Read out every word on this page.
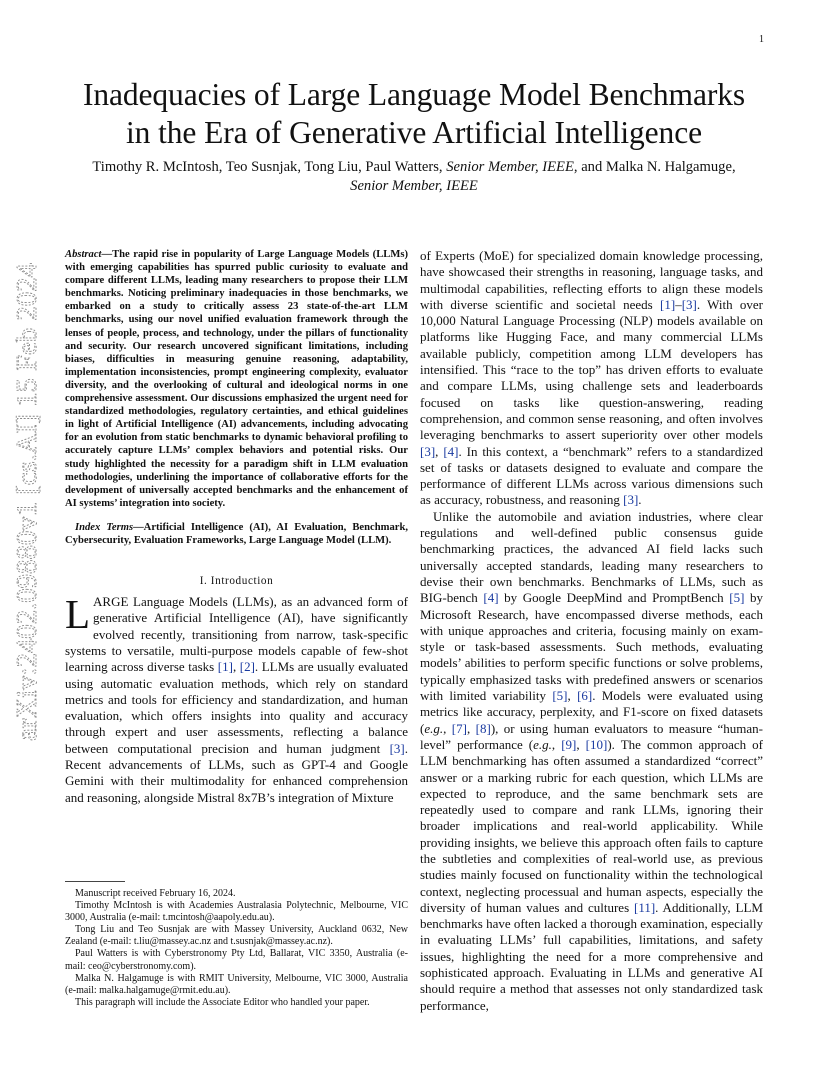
1
arXiv:2402.09880v1 [cs.AI] 15 Feb 2024
Inadequacies of Large Language Model Benchmarks
in the Era of Generative Artificial Intelligence
Timothy R. McIntosh, Teo Susnjak, Tong Liu, Paul Watters, Senior Member, IEEE, and Malka N. Halgamuge,
Senior Member, IEEE

Abstract—The rapid rise in popularity of Large Language Models (LLMs) with emerging capabilities has spurred public curiosity to evaluate and compare different LLMs, leading many researchers to propose their LLM benchmarks. Noticing preliminary inadequacies in those benchmarks, we embarked on a study to critically assess 23 state-of-the-art LLM benchmarks, using our novel unified evaluation framework through the lenses of people, process, and technology, under the pillars of functionality and security. Our research uncovered significant limitations, including biases, difficulties in measuring genuine reasoning, adaptability, implementation inconsistencies, prompt engineering complexity, evaluator diversity, and the overlooking of cultural and ideological norms in one comprehensive assessment. Our discussions emphasized the urgent need for standardized methodologies, regulatory certainties, and ethical guidelines in light of Artificial Intelligence (AI) advancements, including advocating for an evolution from static benchmarks to dynamic behavioral profiling to accurately capture LLMs’ complex behaviors and potential risks. Our study highlighted the necessity for a paradigm shift in LLM evaluation methodologies, underlining the importance of collaborative efforts for the development of universally accepted benchmarks and the enhancement of AI systems’ integration into society.

Index Terms—Artificial Intelligence (AI), AI Evaluation, Benchmark, Cybersecurity, Evaluation Frameworks, Large Language Model (LLM).

I. Introduction

LARGE Language Models (LLMs), as an advanced form of generative Artificial Intelligence (AI), have significantly evolved recently, transitioning from narrow, task-specific systems to versatile, multi-purpose models capable of few-shot learning across diverse tasks [1], [2]. LLMs are usually evaluated using automatic evaluation methods, which rely on standard metrics and tools for efficiency and standardization, and human evaluation, which offers insights into quality and accuracy through expert and user assessments, reflecting a balance between computational precision and human judgment [3]. Recent advancements of LLMs, such as GPT-4 and Google Gemini with their multimodality for enhanced comprehension and reasoning, alongside Mistral 8x7B’s integration of Mixture

of Experts (MoE) for specialized domain knowledge processing, have showcased their strengths in reasoning, language tasks, and multimodal capabilities, reflecting efforts to align these models with diverse scientific and societal needs [1]–[3]. With over 10,000 Natural Language Processing (NLP) models available on platforms like Hugging Face, and many commercial LLMs available publicly, competition among LLM developers has intensified. This “race to the top” has driven efforts to evaluate and compare LLMs, using challenge sets and leaderboards focused on tasks like question-answering, reading comprehension, and common sense reasoning, and often involves leveraging benchmarks to assert superiority over other models [3], [4]. In this context, a “benchmark” refers to a standardized set of tasks or datasets designed to evaluate and compare the performance of different LLMs across various dimensions such as accuracy, robustness, and reasoning [3].

Unlike the automobile and aviation industries, where clear regulations and well-defined public consensus guide benchmarking practices, the advanced AI field lacks such universally accepted standards, leading many researchers to devise their own benchmarks. Benchmarks of LLMs, such as BIG-bench [4] by Google DeepMind and PromptBench [5] by Microsoft Research, have encompassed diverse methods, each with unique approaches and criteria, focusing mainly on exam-style or task-based assessments. Such methods, evaluating models’ abilities to perform specific functions or solve problems, typically emphasized tasks with predefined answers or scenarios with limited variability [5], [6]. Models were evaluated using metrics like accuracy, perplexity, and F1-score on fixed datasets (e.g., [7], [8]), or using human evaluators to measure “human-level” performance (e.g., [9], [10]). The common approach of LLM benchmarking has often assumed a standardized “correct” answer or a marking rubric for each question, which LLMs are expected to reproduce, and the same benchmark sets are repeatedly used to compare and rank LLMs, ignoring their broader implications and real-world applicability. While providing insights, we believe this approach often fails to capture the subtleties and complexities of real-world use, as previous studies mainly focused on functionality within the technological context, neglecting processual and human aspects, especially the diversity of human values and cultures [11]. Additionally, LLM benchmarks have often lacked a thorough examination, especially in evaluating LLMs’ full capabilities, limitations, and safety issues, highlighting the need for a more comprehensive and sophisticated approach. Evaluating in LLMs and generative AI should require a method that assesses not only standardized task performance,

Manuscript received February 16, 2024.

Timothy McIntosh is with Academies Australasia Polytechnic, Melbourne, VIC 3000, Australia (e-mail: t.mcintosh@aapoly.edu.au).

Tong Liu and Teo Susnjak are with Massey University, Auckland 0632, New Zealand (e-mail: t.liu@massey.ac.nz and t.susnjak@massey.ac.nz).

Paul Watters is with Cyberstronomy Pty Ltd, Ballarat, VIC 3350, Australia (e-mail: ceo@cyberstronomy.com).

Malka N. Halgamuge is with RMIT University, Melbourne, VIC 3000, Australia (e-mail: malka.halgamuge@rmit.edu.au).

This paragraph will include the Associate Editor who handled your paper.
